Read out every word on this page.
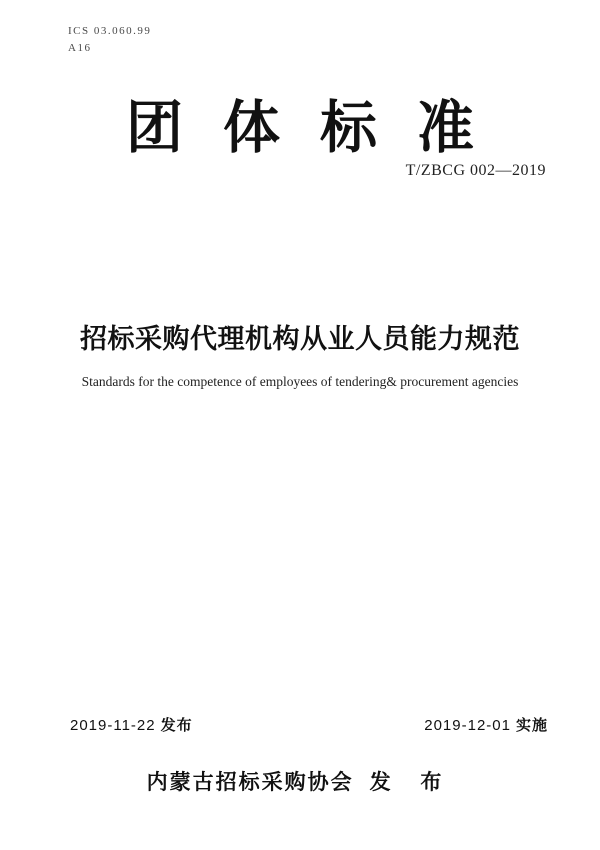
ICS 03.060.99
A16
团体标准
T/ZBCG 002—2019
招标采购代理机构从业人员能力规范

Standards for the competence of employees of tendering& procurement agencies

2019-11-22 发布	2019-12-01 实施
内蒙古招标采购协会 发 布
